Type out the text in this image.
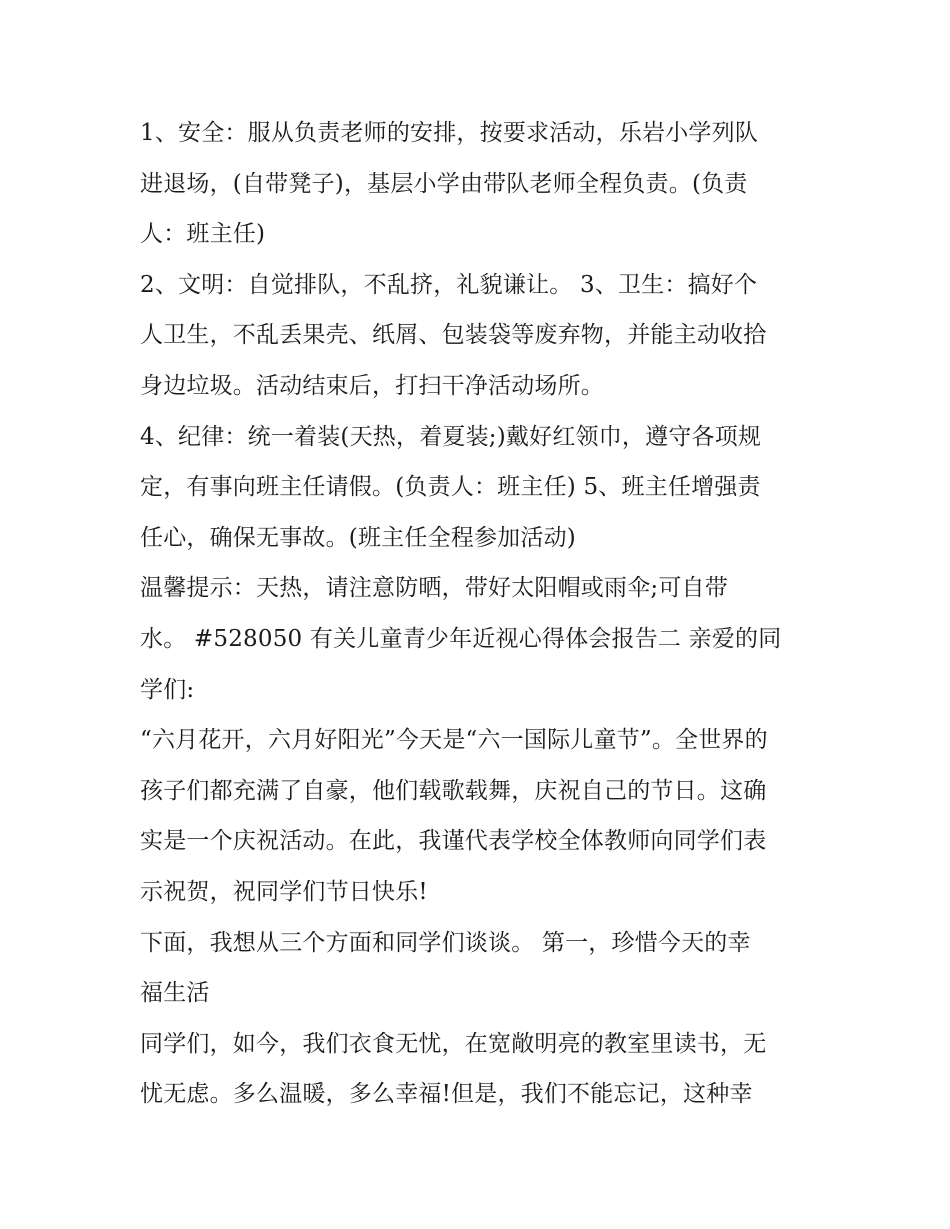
1、安全：服从负责老师的安排，按要求活动，乐岩小学列队
进退场，(自带凳子)，基层小学由带队老师全程负责。(负责
人：班主任)
2、文明：自觉排队，不乱挤，礼貌谦让。 3、卫生：搞好个
人卫生，不乱丢果壳、纸屑、包装袋等废弃物，并能主动收拾
身边垃圾。活动结束后，打扫干净活动场所。
4、纪律：统一着装(天热，着夏装;)戴好红领巾，遵守各项规
定，有事向班主任请假。(负责人：班主任) 5、班主任增强责
任心，确保无事故。(班主任全程参加活动)
温馨提示：天热，请注意防晒，带好太阳帽或雨伞;可自带
水。 #528050 有关儿童青少年近视心得体会报告二 亲爱的同
学们:
“六月花开，六月好阳光”今天是“六一国际儿童节”。全世界的
孩子们都充满了自豪，他们载歌载舞，庆祝自己的节日。这确
实是一个庆祝活动。在此，我谨代表学校全体教师向同学们表
示祝贺，祝同学们节日快乐!
下面，我想从三个方面和同学们谈谈。 第一，珍惜今天的幸
福生活
同学们，如今，我们衣食无忧，在宽敞明亮的教室里读书，无
忧无虑。多么温暖，多么幸福!但是，我们不能忘记，这种幸
